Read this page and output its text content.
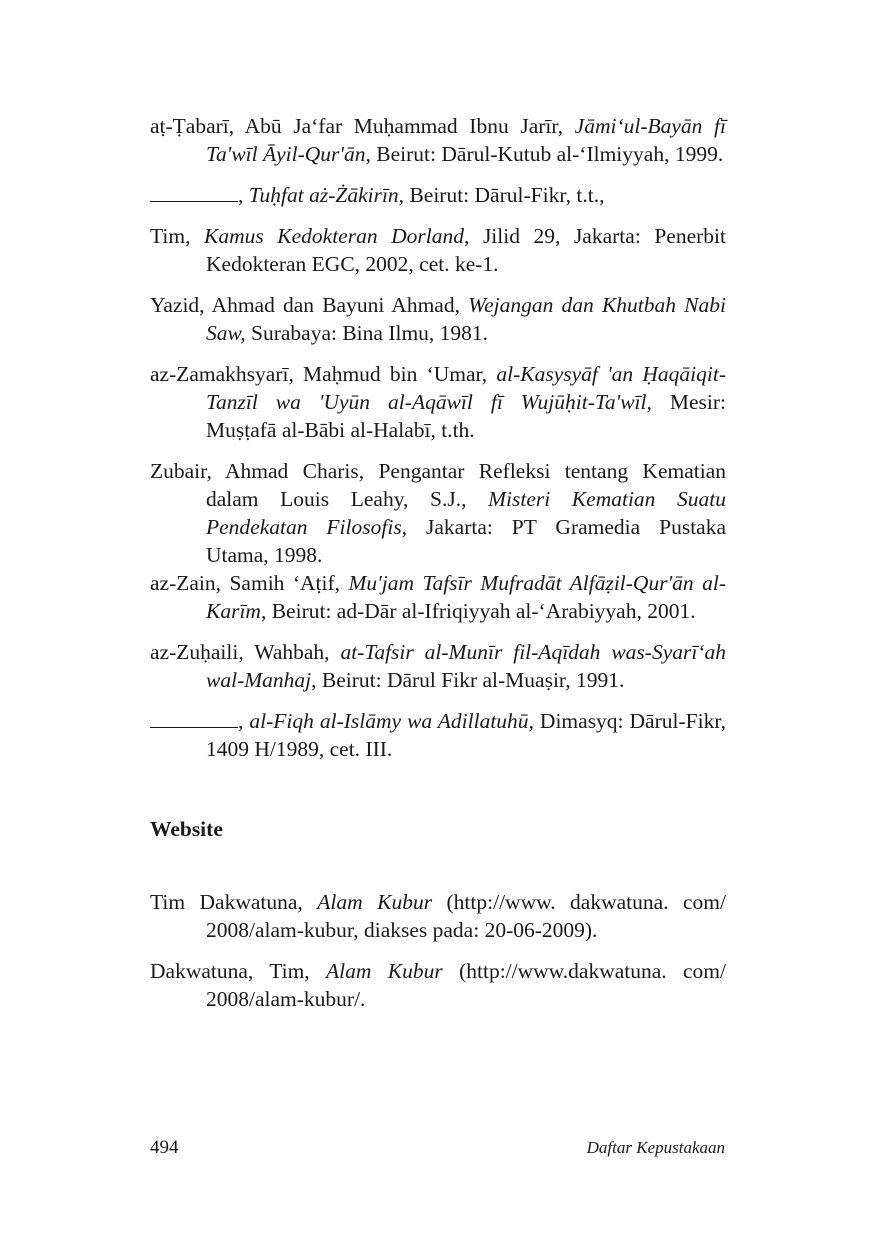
aṭ-Ṭabarī, Abū Ja‘far Muḥammad Ibnu Jarīr, Jāmi‘ul-Bayān fī Ta'wīl Āyil-Qur'ān, Beirut: Dārul-Kutub al-‘Ilmiyyah, 1999.

, Tuḥfat aż-Żākirīn, Beirut: Dārul-Fikr, t.t.,

Tim, Kamus Kedokteran Dorland, Jilid 29, Jakarta: Penerbit Kedokteran EGC, 2002, cet. ke-1.

Yazid, Ahmad dan Bayuni Ahmad, Wejangan dan Khutbah Nabi Saw, Surabaya: Bina Ilmu, 1981.

az-Zamakhsyarī, Maḥmud bin ‘Umar, al-Kasysyāf 'an Ḥaqāiqit-Tanzīl wa 'Uyūn al-Aqāwīl fī Wujūḥit-Ta'wīl, Mesir: Muṣṭafā al-Bābi al-Halabī, t.th.

Zubair, Ahmad Charis, Pengantar Refleksi tentang Kematian dalam Louis Leahy, S.J., Misteri Kematian Suatu Pendekatan Filosofis, Jakarta: PT Gramedia Pustaka Utama, 1998.

az-Zain, Samih ‘Aṭif, Mu'jam Tafsīr Mufradāt Alfāẓil-Qur'ān al-Karīm, Beirut: ad-Dār al-Ifriqiyyah al-‘Arabiyyah, 2001.

az-Zuḥaili, Wahbah, at-Tafsir al-Munīr fil-Aqīdah was-Syarī‘ah wal-Manhaj, Beirut: Dārul Fikr al-Muaṣir, 1991.

, al-Fiqh al-Islāmy wa Adillatuhū, Dimasyq: Dārul-Fikr, 1409 H/1989, cet. III.

Website

Tim Dakwatuna, Alam Kubur (http://www. dakwatuna. com/ 2008/alam-kubur, diakses pada: 20-06-2009).

Dakwatuna, Tim, Alam Kubur (http://www.dakwatuna. com/ 2008/alam-kubur/.

494	Daftar Kepustakaan
